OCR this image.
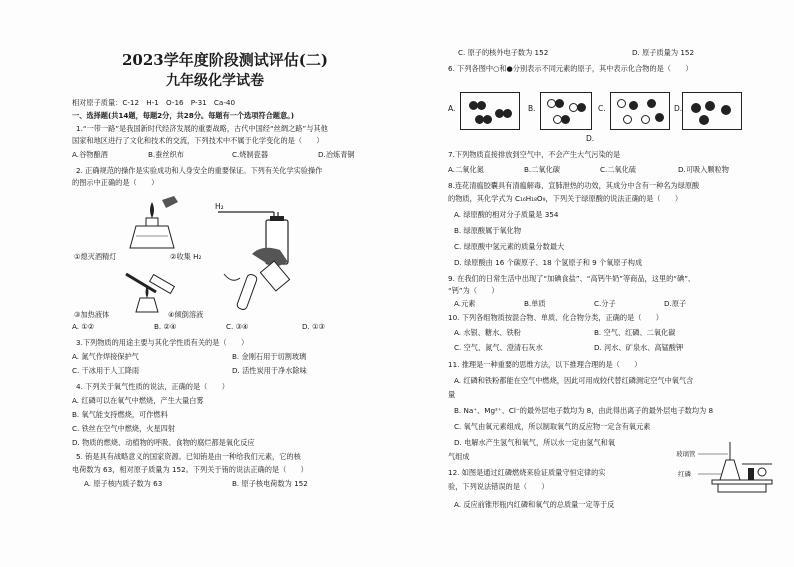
2023学年度阶段测试评估(二)
九年级化学试卷
相对原子质量：C-12　H-1　O-16　P-31　Ca-40
一、选择题(共14题，每题2分，共28分。每题有一个选项符合题意。)
1.“一带一路”是我国新时代经济发展的重要战略，古代中国经“丝绸之路”与其他
国家和地区进行了文化和技术的交流，下列技术中不属于化学变化的是（　　）
A.谷物酿酒	B.蚕丝织布	C.烧制瓷器	D.冶炼青铜
2. 正确规范的操作是实验成功和人身安全的重要保证。下列有关化学实验操作
的图示中正确的是（　　）
①熄灭酒精灯
H₂
②收集 H₂
③加热液体	④倾倒溶液
A. ①②	B. ②④	C. ③④	D. ①③
3.下列物质的用途主要与其化学性质有关的是（　　）
A. 氮气作焊接保护气	B. 金刚石用于切割玻璃
C. 干冰用于人工降雨	D. 活性炭用于净水除味
4. 下列关于氧气性质的说法，正确的是（　　）
A. 红磷可以在氧气中燃烧，产生大量白雾
B. 氧气能支持燃烧，可作燃料
C. 铁丝在空气中燃烧，火星四射
D. 物质的燃烧、动植物的呼吸、食物的腐烂都是氧化反应
5. 铕是具有战略意义的国家资源。已知铕是由一种给我们元素，它的核
电荷数为 63，相对原子质量为 152。下列关于铕的说法正确的是（　　）
A. 原子核内质子数为 63	B. 原子核电荷数为 152
C. 原子的核外电子数为 152	D. 原子质量为 152
6. 下列各图中○和●分别表示不同元素的原子，其中表示化合物的是（　　）
A.	B.	C.	D.
D.
7.下列物质直接排放到空气中，不会产生大气污染的是
A.二氧化氮	B.二氧化碳	C.二氧化硫	D.可吸入颗粒物
8.连花清瘟胶囊具有清瘟解毒，宣肺泄热的功效，其成分中含有一种名为绿原酸
的物质，其化学式为 C₁₆H₁₈O₉，下列关于绿原酸的说法正确的是（　　）
A. 绿原酸的相对分子质量是 354
B. 绿原酸属于氧化物
C. 绿原酸中氢元素的质量分数最大
D. 绿原酸由 16 个碳原子、18 个氢原子和 9 个氧原子构成
9. 在我们的日常生活中出现了“加碘食盐”、“高钙牛奶”等商品，这里的“碘”、
“钙”为（　　）
A.元素	B.单质	C.分子	D.原子
10. 下列各组物质按混合物、单质、化合物分类，正确的是（　　）
A. 水银、糖水、铁粉	B. 空气、红磷、二氧化碳
C. 空气、氮气、澄清石灰水	D. 河水、矿泉水、高锰酸钾
11. 推理是一种重要的思维方法，以下推理合理的是（　　）
A. 红磷和铁粉都能在空气中燃烧，因此可用成较代替红磷测定空气中氧气含
量
B. Na⁺、Mg²⁺、Cl⁻的最外层电子数均为 8，由此得出离子的最外层电子数均为 8
C. 氧气由氧元素组成，所以制取氧气的反应物一定含有氧元素
D. 电解水产生氢气和氧气，所以水一定由氢气和氧
气组成
12. 如图是通过红磷燃烧来验证质量守恒定律的实
验，下列说法错误的是（　　）
A. 反应前锥形瓶内红磷和氧气的总质量一定等于反
玻璃管
红磷
